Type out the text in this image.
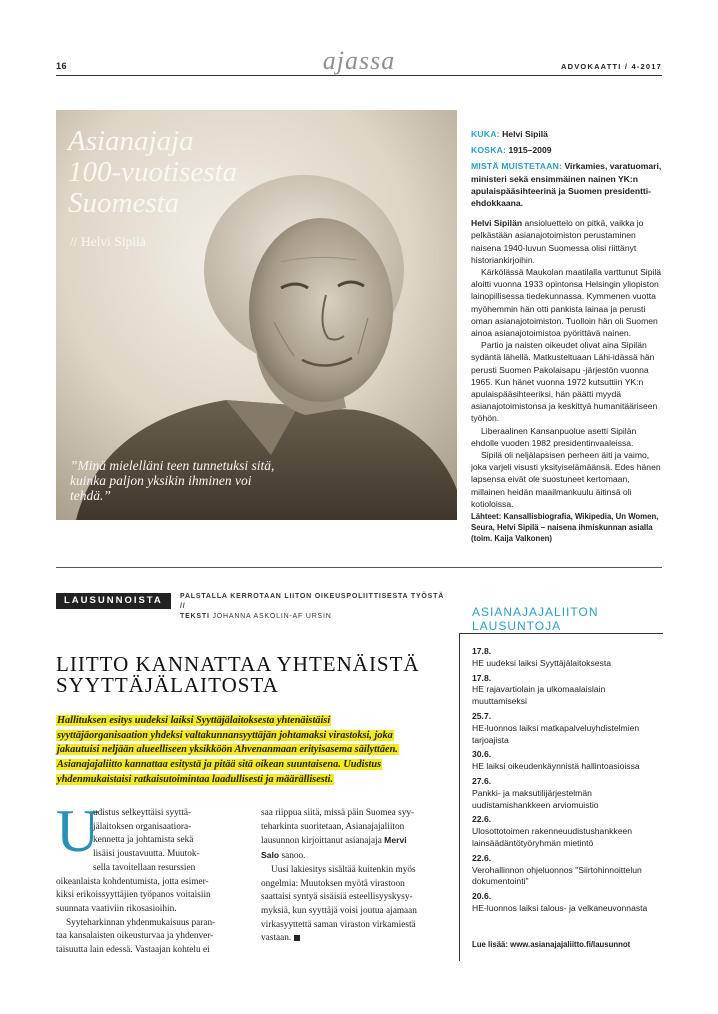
16	ajassa	ADVOKAATTI / 4-2017
Asianajaja
100-vuotisesta
Suomesta
// Helvi Sipilä
”Minä mielelläni teen tunnetuksi sitä,
kuinka paljon yksikin ihminen voi
tehdä.”
KUKA: Helvi Sipilä
KOSKA: 1915–2009
MISTÄ MUISTETAAN: Virkamies, varatuomari, ministeri sekä ensimmäinen nainen YK:n apulaispääsihteerinä ja Suomen presidentti-ehdokkaana.

Helvi Sipilän ansioluettelo on pitkä, vaikka jo pelkästään asianajotoimiston perustaminen naisena 1940-luvun Suomessa olisi riittänyt historiankirjoihin.

Kärkölässä Maukolan maatilalla varttunut Sipilä aloitti vuonna 1933 opintonsa Helsingin yliopiston lainopillisessa tiedekunnassa. Kymmenen vuotta myöhemmin hän otti pankista lainaa ja perusti oman asianajotoimiston. Tuolloin hän oli Suomen ainoa asianajotoimistoa pyörittävä nainen.

Partio ja naisten oikeudet olivat aina Sipilän sydäntä lähellä. Matkusteltuaan Lähi-idässä hän perusti Suomen Pakolaisapu -järjestön vuonna 1965. Kun hänet vuonna 1972 kutsuttiin YK:n apulaispääsihteeriksi, hän päätti myydä asianajotoimistonsa ja keskittyä humanitääriseen työhön.

Liberaalinen Kansanpuolue asetti Sipilän ehdolle vuoden 1982 presidentinvaaleissa.

Sipilä oli neljälapsisen perheen äiti ja vaimo, joka varjeli visusti yksityiselämäänsä. Edes hänen lapsensa eivät ole suostuneet kertomaan, millainen heidän maailmankuulu äitinsä oli kotioloissa.

Lähteet: Kansallisbiografia, Wikipedia, Un Women, Seura, Helvi Sipilä – naisena ihmiskunnan asialla (toim. Kaija Valkonen)
LAUSUNNOISTA	PALSTALLA KERROTAAN LIITON OIKEUSPOLIITTISESTA TYÖSTÄ //
TEKSTI JOHANNA ASKOLIN-AF URSIN
LIITTO KANNATTAA YHTENÄISTÄ
SYYTTÄJÄLAITOSTA
Hallituksen esitys uudeksi laiksi Syyttäjälaitoksesta yhtenäistäisi
syyttäjäorganisaation yhdeksi valtakunnansyyttäjän johtamaksi virastoksi, joka
jakautuisi neljään alueelliseen yksikköön Ahvenanmaan erityisasema säilyttäen.
Asianajajaliitto kannattaa esitystä ja pitää sitä oikean suuntaisena. Uudistus
yhdenmukaistaisi ratkaisutoimintaa laadullisesti ja määrällisesti.
U
udistus selkeyttäisi syyttä-
jälaitoksen organisaatiora-
kennetta ja johtamista sekä
lisäisi joustavuutta. Muutok-
sella tavoitellaan resurssien
oikeanlaista kohdentumista, jotta esimer-
kiksi erikoissyyttäjien työpanos voitaisiin
suunnata vaativiin rikosasioihin.
Syyteharkinnan yhdenmukaisuus paran-
taa kansalaisten oikeusturvaa ja yhdenver-
taisuutta lain edessä. Vastaajan kohtelu ei
saa riippua siitä, missä päin Suomea syy-
teharkinta suoritetaan, Asianajajaliiton
lausunnon kirjoittanut asianajaja Mervi
Salo sanoo.
Uusi lakiesitys sisältää kuitenkin myös
ongelmia: Muutoksen myötä virastoon
saattaisi syntyä sisäisiä esteellisyyskysy-
myksiä, kun syyttäjä voisi joutua ajamaan
virkasyyttettä saman viraston virkamiestä
vastaan.
ASIANAJAJALIITON
LAUSUNTOJA
17.8.
HE uudeksi laiksi Syyttäjälaitoksesta
17.8.
HE rajavartiolain ja ulkomaalaislain muuttamiseksi
25.7.
HE-luonnos laiksi matkapalveluyhdistelmien tarjoajista
30.6.
HE laiksi oikeudenkäynnistä hallintoasioissa
27.6.
Pankki- ja maksutilijärjestelmän uudistamishankkeen arviomuistio
22.6.
Ulosottotoimen rakenneuudistushankkeen lainsäädäntötyöryhmän mietintö
22.6.
Verohallinnon ohjeluonnos "Siirtohinnoittelun dokumentointi"
20.6.
HE-luonnos laiksi talous- ja velkaneuvonnasta
Lue lisää: www.asianajajaliitto.fi/lausunnot
